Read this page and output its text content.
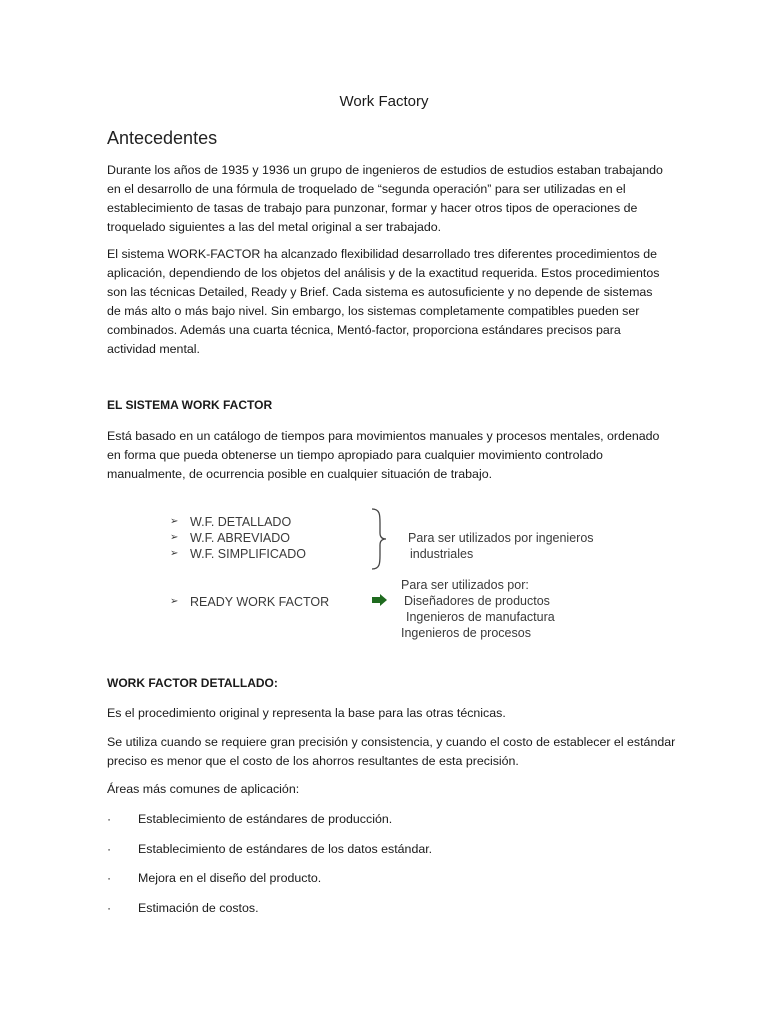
Work Factory
Antecedentes
Durante los años de 1935 y 1936 un grupo de ingenieros de estudios de estudios estaban trabajando en el desarrollo de una fórmula de troquelado de “segunda operación” para ser utilizadas en el establecimiento de tasas de trabajo para punzonar, formar y hacer otros tipos de operaciones de troquelado siguientes a las del metal original a ser trabajado.
El sistema WORK-FACTOR ha alcanzado flexibilidad desarrollado tres diferentes procedimientos de aplicación, dependiendo de los objetos del análisis y de la exactitud requerida. Estos procedimientos son las técnicas Detailed, Ready y Brief. Cada sistema es autosuficiente y no depende de sistemas de más alto o más bajo nivel. Sin embargo, los sistemas completamente compatibles pueden ser combinados. Además una cuarta técnica, Mentó-factor, proporciona estándares precisos para actividad mental.
EL SISTEMA WORK FACTOR
Está basado en un catálogo de tiempos para movimientos manuales y procesos mentales, ordenado en forma que pueda obtenerse un tiempo apropiado para cualquier movimiento controlado manualmente, de ocurrencia posible en cualquier situación de trabajo.
➢ W.F. DETALLADO
➢ W.F. ABREVIADO
➢ W.F. SIMPLIFICADO
➢ READY WORK FACTOR
Para ser utilizados por ingenieros
industriales
Para ser utilizados por:
Diseñadores de productos
Ingenieros de manufactura
Ingenieros de procesos
WORK FACTOR DETALLADO:
Es el procedimiento original y representa la base para las otras técnicas.
Se utiliza cuando se requiere gran precisión y consistencia, y cuando el costo de establecer el estándar preciso es menor que el costo de los ahorros resultantes de esta precisión.
Áreas más comunes de aplicación:
· Establecimiento de estándares de producción.
· Establecimiento de estándares de los datos estándar.
· Mejora en el diseño del producto.
· Estimación de costos.
